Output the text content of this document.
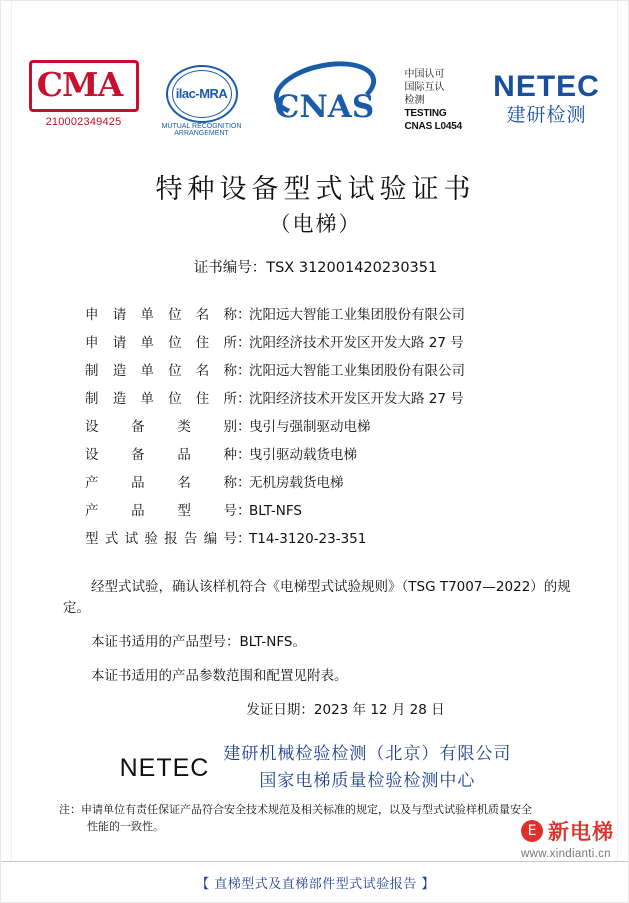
CMA
210002349425
ilac-MRA
MUTUAL RECOGNITION ARRANGEMENT
CNAS
中国认可
国际互认
检测
TESTING
CNAS L0454
NETEC
建研检测
特种设备型式试验证书
（电梯）
证书编号：TSX 312001420230351
申请单位名称 ：
沈阳远大智能工业集团股份有限公司
申请单位住所 ：
沈阳经济技术开发区开发大路 27 号
制造单位名称 ：
沈阳远大智能工业集团股份有限公司
制造单位住所 ：
沈阳经济技术开发区开发大路 27 号
设备类别 ：
曳引与强制驱动电梯
设备品种 ：
曳引驱动载货电梯
产品名称 ：
无机房载货电梯
产品型号 ：
BLT-NFS
型式试验报告编号 ：
T14-3120-23-351
经型式试验，确认该样机符合《电梯型式试验规则》（TSG T7007—2022）的规定。
本证书适用的产品型号：BLT-NFS。
本证书适用的产品参数范围和配置见附表。
发证日期：2023 年 12 月 28 日
NETEC 建研机械检验检测（北京）有限公司
国家电梯质量检验检测中心
注：申请单位有责任保证产品符合安全技术规范及相关标准的规定，以及与型式试验样机质量安全
性能的一致性。	E 新电梯
www.xindianti.cn
【 直梯型式及直梯部件型式试验报告 】
